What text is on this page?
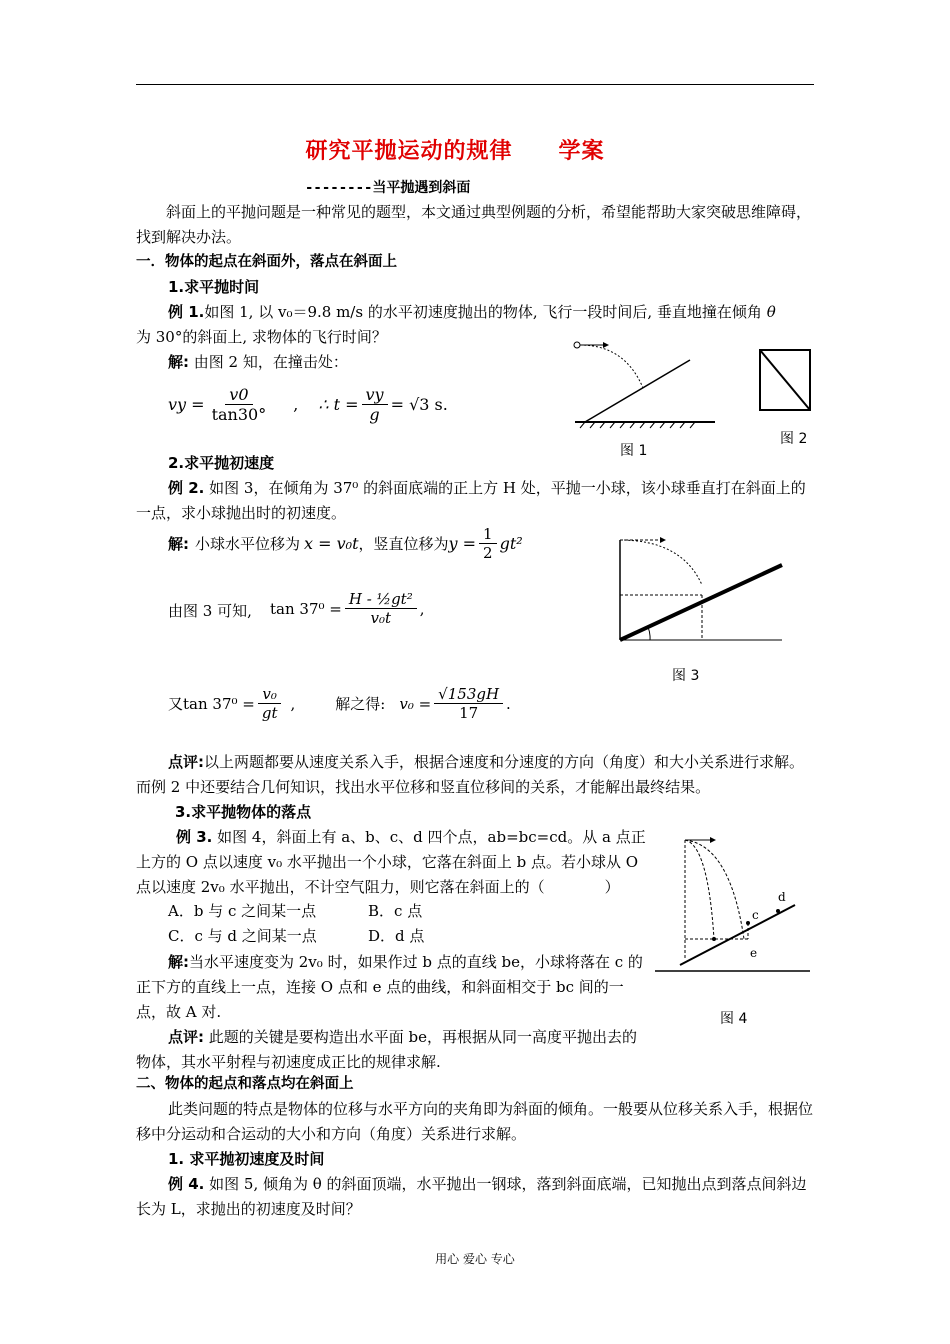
研究平抛运动的规律　　学案
--------当平抛遇到斜面
斜面上的平抛问题是一种常见的题型，本文通过典型例题的分析，希望能帮助大家突破思维障碍，找到解决办法。
一．物体的起点在斜面外，落点在斜面上
1.求平抛时间
例 1.如图 1, 以 v₀＝9.8 m/s 的水平初速度抛出的物体, 飞行一段时间后, 垂直地撞在倾角 θ
为 30°的斜面上, 求物体的飞行时间？
解: 由图 2 知，在撞击处：
vy = $\frac{v0}{\tan 30^\circ}$ , ∴ $t = \frac{vy}{g} = √3$ s.
图 1
图 2
2.求平抛初速度
例 2. 如图 3，在倾角为 37⁰ 的斜面底端的正上方 H 处，平抛一小球，该小球垂直打在斜面上的一点，求小球抛出时的初速度。
解: 小球水平位移为 x = v₀t ，竖直位移为 $y = \frac{1}{2} gt^2$
由图 3 可知, $\tan 37^0 = \frac{\text{H - ½gt²}}{\text{v₀t}}$ ,
又 $\tan 37^0 = \frac{\text{v₀}}{gt}$ ,	解之得: $v_0 = \frac{√153gH}{17}$ .
图 3
点评:以上两题都要从速度关系入手，根据合速度和分速度的方向（角度）和大小关系进行求解。而例 2 中还要结合几何知识，找出水平位移和竖直位移间的关系，才能解出最终结果。
3.求平抛物体的落点
例 3. 如图 4，斜面上有 a、b、c、d 四个点，ab=bc=cd。从 a 点正上方的 O 点以速度 v₀ 水平抛出一个小球，它落在斜面上 b 点。若小球从 O 点以速度 2v₀ 水平抛出，不计空气阻力，则它落在斜面上的（　　　　）
A．b 与 c 之间某一点	B．c 点
C．c 与 d 之间某一点	D．d 点
解:当水平速度变为 2v₀ 时，如果作过 b 点的直线 be，小球将落在 c 的正下方的直线上一点，连接 O 点和 e 点的曲线，和斜面相交于 bc 间的一点，故 A 对.
点评: 此题的关键是要构造出水平面 be，再根据从同一高度平抛出去的物体，其水平射程与初速度成正比的规律求解.
c
d
e
图 4
二、物体的起点和落点均在斜面上
此类问题的特点是物体的位移与水平方向的夹角即为斜面的倾角。一般要从位移关系入手，根据位移中分运动和合运动的大小和方向（角度）关系进行求解。
1. 求平抛初速度及时间
例 4. 如图 5, 倾角为 θ 的斜面顶端，水平抛出一钢球，落到斜面底端，已知抛出点到落点间斜边长为 L，求抛出的初速度及时间？
用心 爱心 专心
